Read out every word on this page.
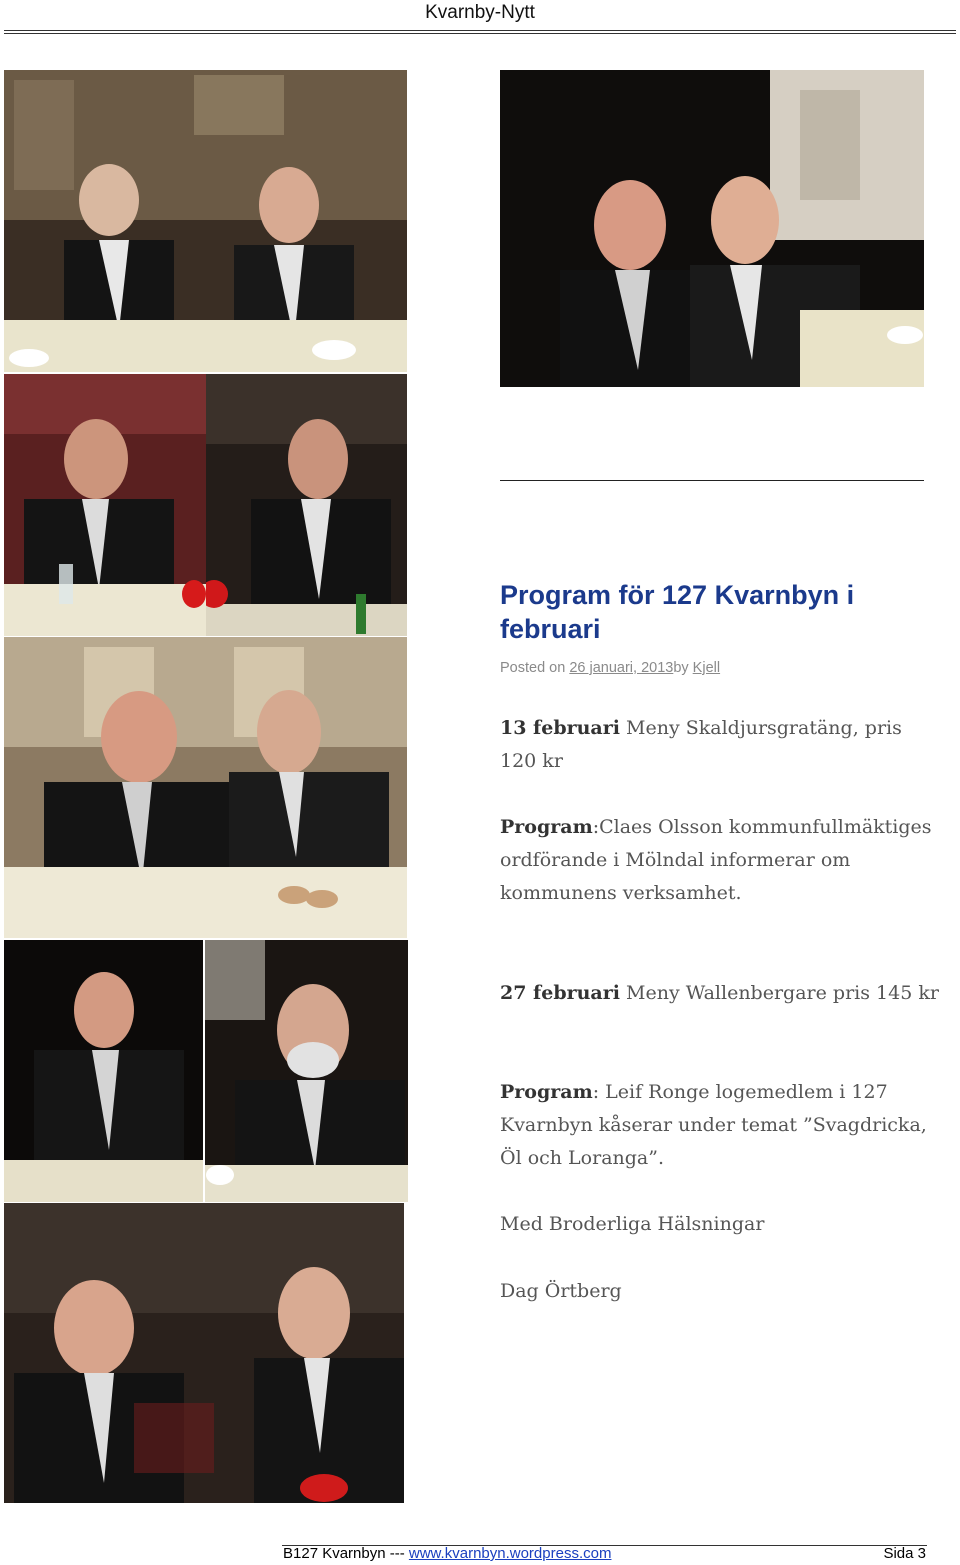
Kvarnby-Nytt
Program för 127 Kvarnbyn i februari
Posted on 26 januari, 2013by Kjell

13 februari Meny Skaldjursgratäng, pris 120 kr

Program:Claes Olsson kommunfullmäktiges ordförande i Mölndal informerar om kommunens verksamhet.

27 februari Meny Wallenbergare pris 145 kr

Program: Leif Ronge logemedlem i 127 Kvarnbyn kåserar under temat ”Svagdricka, Öl och Loranga”.

Med Broderliga Hälsningar

Dag Örtberg

B127 Kvarnbyn --- www.kvarnbyn.wordpress.com	Sida 3
